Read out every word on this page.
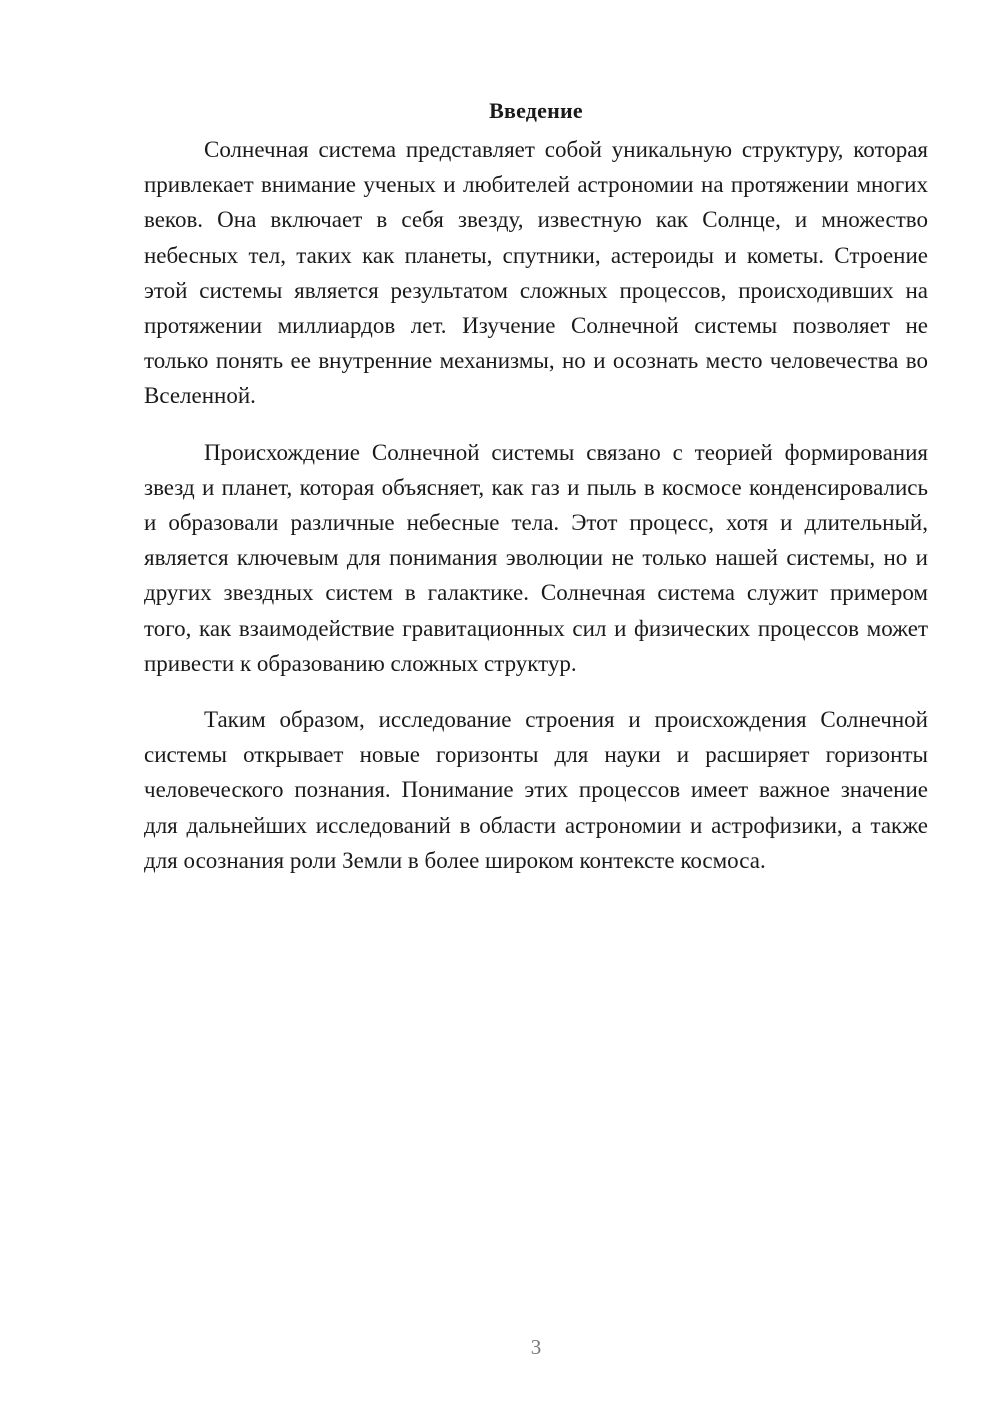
Введение

Солнечная система представляет собой уникальную структуру, которая привлекает внимание ученых и любителей астрономии на протяжении многих веков. Она включает в себя звезду, известную как Солнце, и множество небесных тел, таких как планеты, спутники, астероиды и кометы. Строение этой системы является результатом сложных процессов, происходивших на протяжении миллиардов лет. Изучение Солнечной системы позволяет не только понять ее внутренние механизмы, но и осознать место человечества во Вселенной.

Происхождение Солнечной системы связано с теорией формирования звезд и планет, которая объясняет, как газ и пыль в космосе конденсировались и образовали различные небесные тела. Этот процесс, хотя и длительный, является ключевым для понимания эволюции не только нашей системы, но и других звездных систем в галактике. Солнечная система служит примером того, как взаимодействие гравитационных сил и физических процессов может привести к образованию сложных структур.

Таким образом, исследование строения и происхождения Солнечной системы открывает новые горизонты для науки и расширяет горизонты человеческого познания. Понимание этих процессов имеет важное значение для дальнейших исследований в области астрономии и астрофизики, а также для осознания роли Земли в более широком контексте космоса.

3
